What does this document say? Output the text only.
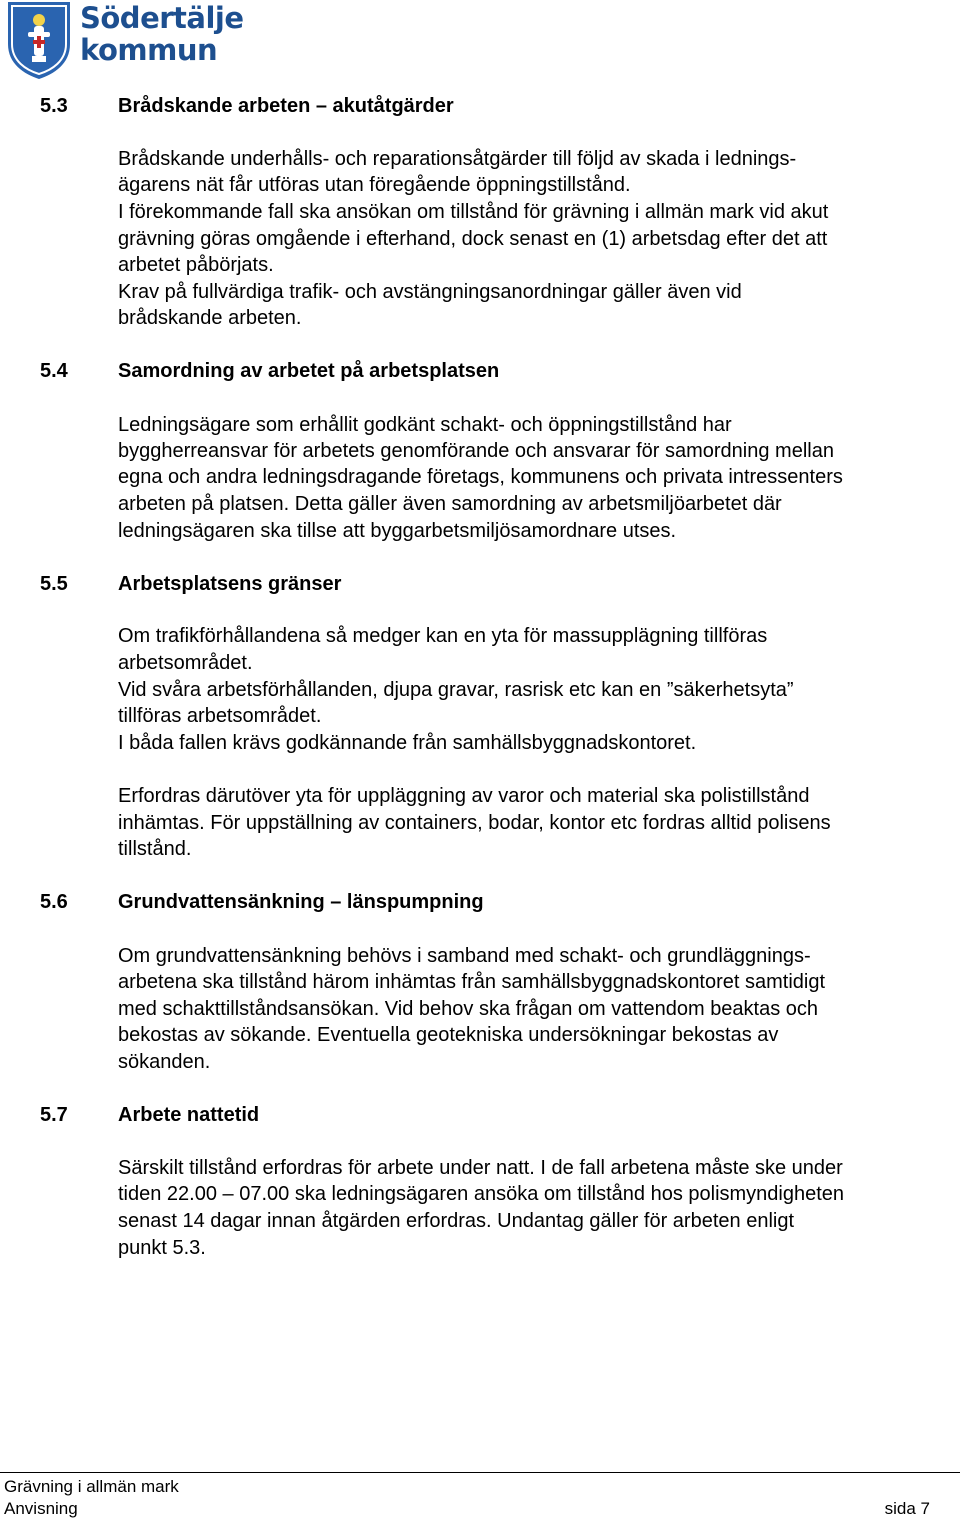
Södertälje
kommun
5.3	Brådskande arbeten – akutåtgärder
Brådskande underhålls- och reparationsåtgärder till följd av skada i lednings-
ägarens nät får utföras utan föregående öppningstillstånd.
I förekommande fall ska ansökan om tillstånd för grävning i allmän mark vid akut
grävning göras omgående i efterhand, dock senast en (1) arbetsdag efter det att
arbetet påbörjats.
Krav på fullvärdiga trafik- och avstängningsanordningar gäller även vid
brådskande arbeten.
5.4	Samordning av arbetet på arbetsplatsen
Ledningsägare som erhållit godkänt schakt- och öppningstillstånd har
byggherreansvar för arbetets genomförande och ansvarar för samordning mellan
egna och andra ledningsdragande företags, kommunens och privata intressenters
arbeten på platsen. Detta gäller även samordning av arbetsmiljöarbetet där
ledningsägaren ska tillse att byggarbetsmiljösamordnare utses.
5.5	Arbetsplatsens gränser
Om trafikförhållandena så medger kan en yta för massupplägning tillföras
arbetsområdet.
Vid svåra arbetsförhållanden, djupa gravar, rasrisk etc kan en ”säkerhetsyta”
tillföras arbetsområdet.
I båda fallen krävs godkännande från samhällsbyggnadskontoret.
Erfordras därutöver yta för uppläggning av varor och material ska polistillstånd
inhämtas. För uppställning av containers, bodar, kontor etc fordras alltid polisens
tillstånd.
5.6	Grundvattensänkning – länspumpning
Om grundvattensänkning behövs i samband med schakt- och grundläggnings-
arbetena ska tillstånd härom inhämtas från samhällsbyggnadskontoret samtidigt
med schakttillståndsansökan. Vid behov ska frågan om vattendom beaktas och
bekostas av sökande. Eventuella geotekniska undersökningar bekostas av
sökanden.
5.7	Arbete nattetid
Särskilt tillstånd erfordras för arbete under natt. I de fall arbetena måste ske under
tiden 22.00 – 07.00 ska ledningsägaren ansöka om tillstånd hos polismyndigheten
senast 14 dagar innan åtgärden erfordras. Undantag gäller för arbeten enligt
punkt 5.3.
Grävning i allmän mark
Anvisning	sida 7
